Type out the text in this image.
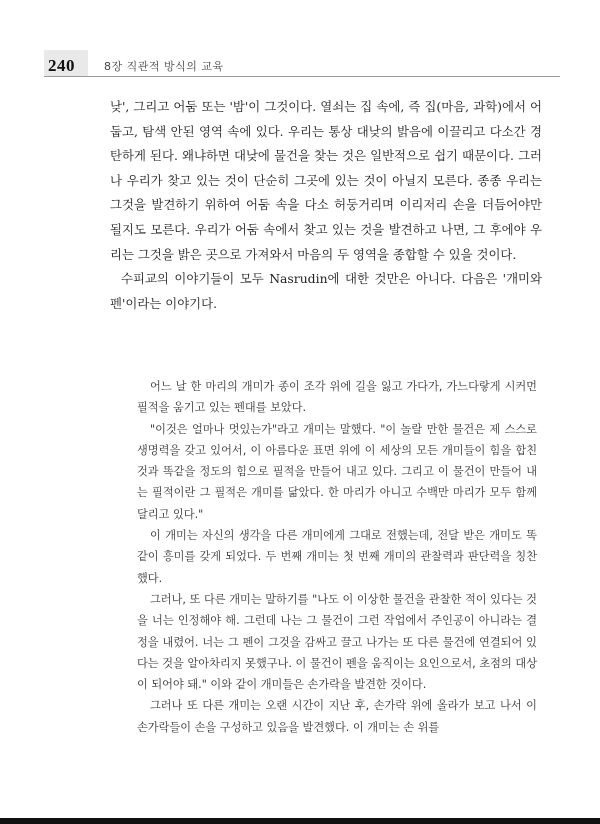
240	8장 직관적 방식의 교육

낮', 그리고 어둠 또는 '밤'이 그것이다. 열쇠는 집 속에, 즉 집(마음, 과학)에서 어둡고, 탐색 안된 영역 속에 있다. 우리는 통상 대낮의 밝음에 이끌리고 다소간 경탄하게 된다. 왜냐하면 대낮에 물건을 찾는 것은 일반적으로 쉽기 때문이다. 그러나 우리가 찾고 있는 것이 단순히 그곳에 있는 것이 아닐지 모른다. 종종 우리는 그것을 발견하기 위하여 어둠 속을 다소 허둥거리며 이리저리 손을 더듬어야만 될지도 모른다. 우리가 어둠 속에서 찾고 있는 것을 발견하고 나면, 그 후에야 우리는 그것을 밝은 곳으로 가져와서 마음의 두 영역을 종합할 수 있을 것이다.

수피교의 이야기들이 모두 Nasrudin에 대한 것만은 아니다. 다음은 '개미와 펜'이라는 이야기다.

어느 날 한 마리의 개미가 종이 조각 위에 길을 잃고 가다가, 가느다랗게 시커먼 필적을 움기고 있는 펜대를 보았다.

"이것은 얼마나 멋있는가"라고 개미는 말했다. "이 놀랄 만한 물건은 제 스스로 생명력을 갖고 있어서, 이 아름다운 표면 위에 이 세상의 모든 개미들이 힘을 합친 것과 똑같을 정도의 힘으로 필적을 만들어 내고 있다. 그리고 이 물건이 만들어 내는 필적이란 그 필적은 개미를 닮았다. 한 마리가 아니고 수백만 마리가 모두 함께 달리고 있다."

이 개미는 자신의 생각을 다른 개미에게 그대로 전했는데, 전달 받은 개미도 똑같이 흥미를 갖게 되었다. 두 번째 개미는 첫 번째 개미의 관찰력과 판단력을 칭찬했다.

그러나, 또 다른 개미는 말하기를 "나도 이 이상한 물건을 관찰한 적이 있다는 것을 너는 인정해야 해. 그런데 나는 그 물건이 그런 작업에서 주인공이 아니라는 결정을 내렸어. 너는 그 펜이 그것을 감싸고 끌고 나가는 또 다른 물건에 연결되어 있다는 것을 알아차리지 못했구나. 이 물건이 펜을 움직이는 요인으로서, 초점의 대상이 되어야 돼." 이와 같이 개미들은 손가락을 발견한 것이다.

그러나 또 다른 개미는 오랜 시간이 지난 후, 손가락 위에 올라가 보고 나서 이 손가락들이 손을 구성하고 있음을 발견했다. 이 개미는 손 위를
